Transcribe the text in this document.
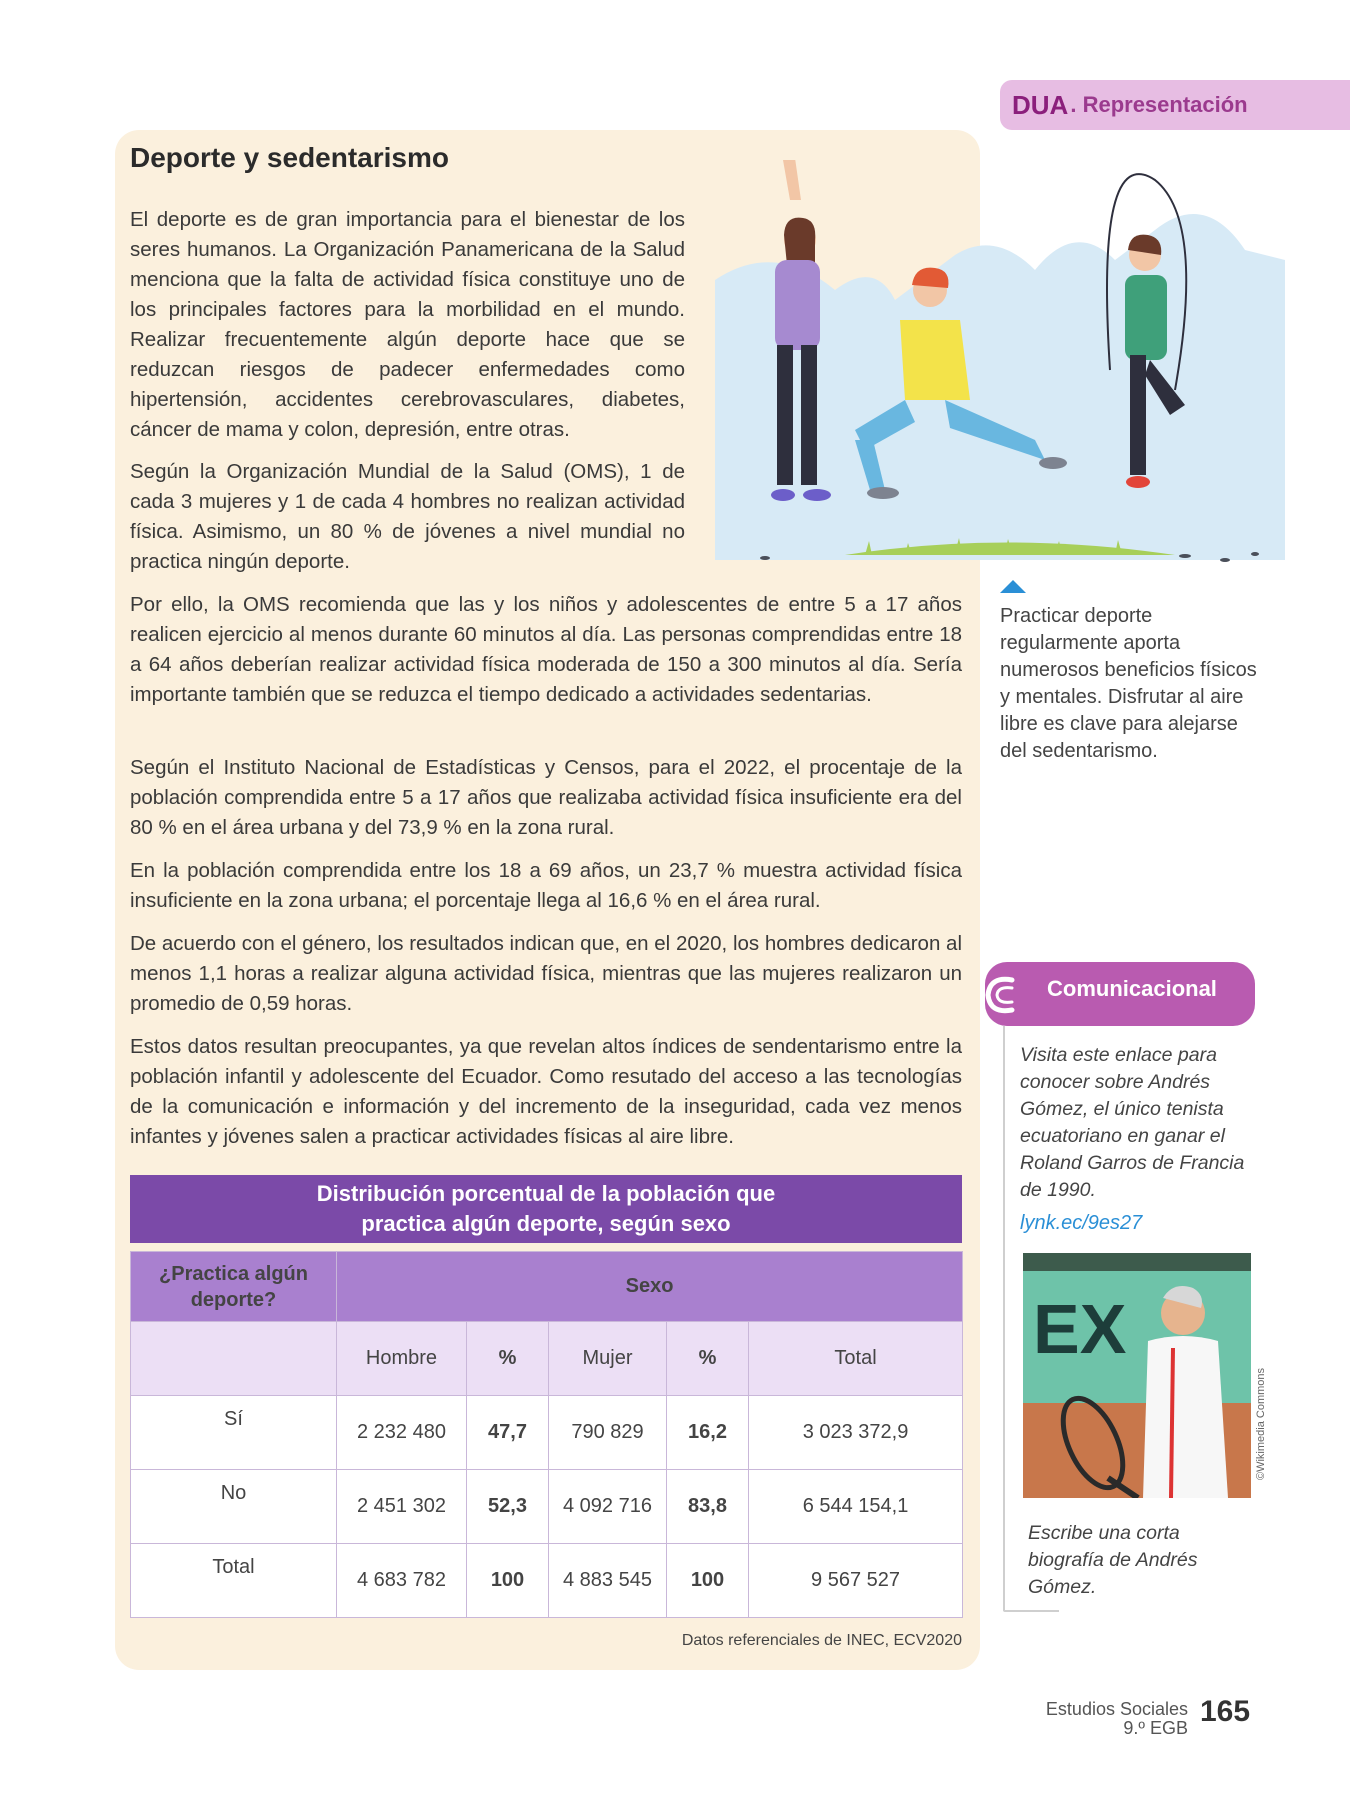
DUA . Representación
Deporte y sedentarismo

El deporte es de gran importancia para el bienestar de los seres humanos. La Organización Panamericana de la Salud menciona que la falta de actividad física constituye uno de los principales factores para la morbilidad en el mundo. Realizar frecuentemente algún deporte hace que se reduzcan riesgos de padecer enfermedades como hipertensión, accidentes cerebrovasculares, diabetes, cáncer de mama y colon, depresión, entre otras.

Según la Organización Mundial de la Salud (OMS), 1 de cada 3 mujeres y 1 de cada 4 hombres no realizan actividad física. Asimismo, un 80 % de jóvenes a nivel mundial no practica ningún deporte.

Por ello, la OMS recomienda que las y los niños y adolescentes de entre 5 a 17 años realicen ejercicio al menos durante 60 minutos al día. Las personas comprendidas entre 18 a 64 años deberían realizar actividad física moderada de 150 a 300 minutos al día. Sería importante también que se reduzca el tiempo dedicado a actividades sedentarias.

Según el Instituto Nacional de Estadísticas y Censos, para el 2022, el procentaje de la población comprendida entre 5 a 17 años que realizaba actividad física insuficiente era del 80 % en el área urbana y del 73,9 % en la zona rural.

En la población comprendida entre los 18 a 69 años, un 23,7 % muestra actividad física insuficiente en la zona urbana; el porcentaje llega al 16,6 % en el área rural.

De acuerdo con el género, los resultados indican que, en el 2020, los hombres dedicaron al menos 1,1 horas a realizar alguna actividad física, mientras que las mujeres realizaron un promedio de 0,59 horas.

Estos datos resultan preocupantes, ya que revelan altos índices de sendentarismo entre la población infantil y adolescente del Ecuador. Como resutado del acceso a las tecnologías de la comunicación e información y del incremento de la inseguridad, cada vez menos infantes y jóvenes salen a practicar actividades físicas al aire libre.

Practicar deporte regularmente aporta numerosos beneficios físicos y mentales. Disfrutar al aire libre es clave para alejarse del sedentarismo.

Distribución porcentual de la población que
practica algún deporte, según sexo
¿Practica algún deporte?	Sexo				
	Hombre	%	Mujer	%	Total
Sí	2 232 480	47,7	790 829	16,2	3 023 372,9
No	2 451 302	52,3	4 092 716	83,8	6 544 154,1
Total	4 683 782	100	4 883 545	100	9 567 527
Datos referenciales de INEC, ECV2020
Comunicacional

Visita este enlace para conocer sobre Andrés Gómez, el único tenista ecuatoriano en ganar el Roland Garros de Francia de 1990.

lynk.ec/9es27

EX
©Wikimedia Commons

Escribe una corta biografía de Andrés Gómez.

Estudios Sociales
9.º EGB 165
